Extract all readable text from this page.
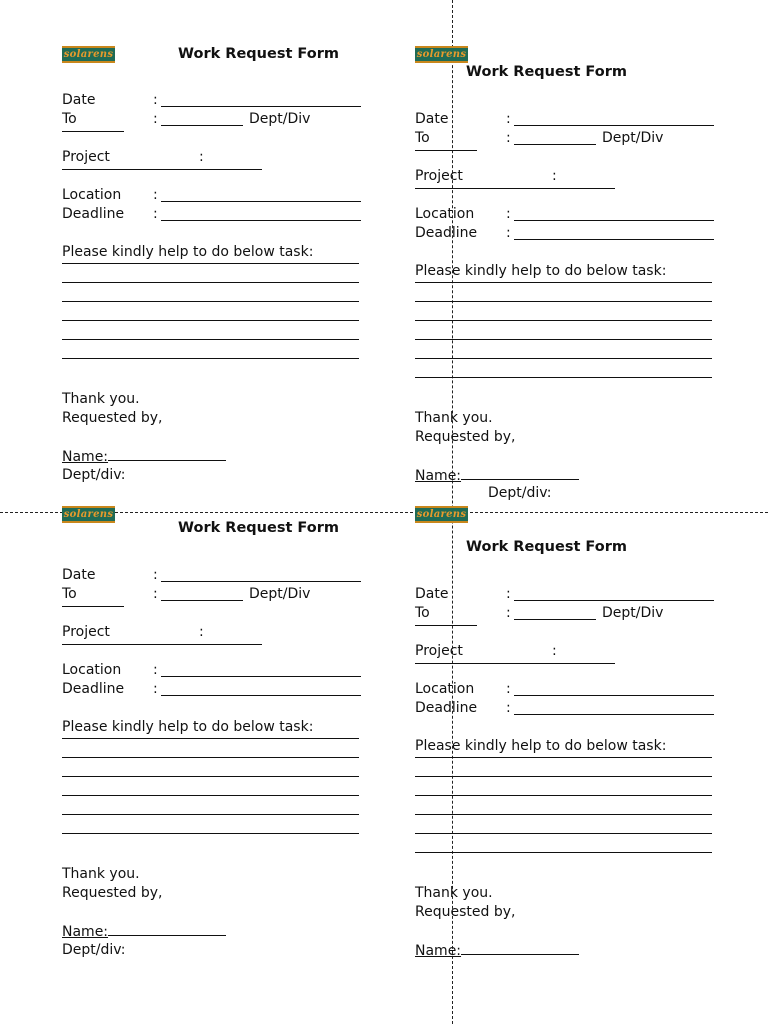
solarens	Work Request Form
Date	:
To	:	Dept/Div
Project	:
Location :
Deadline :
Please kindly help to do below task:
Thank you.
Requested by,
Name:
Dept/div:
solarens
Work Request Form
Date	:
To	:	Dept/Div
Project	:
Location :
Deadline :
Please kindly help to do below task:
Thank you.
Requested by,
Name:
Dept/div:
solarens
Work Request Form
Date	:
To	:	Dept/Div
Project	:
Location :
Deadline :
Please kindly help to do below task:
Thank you.
Requested by,
Name:
Dept/div:
solarens
Work Request Form
Date	:
To	:	Dept/Div
Project	:
Location :
Deadline :
Please kindly help to do below task:
Thank you.
Requested by,
Name:
